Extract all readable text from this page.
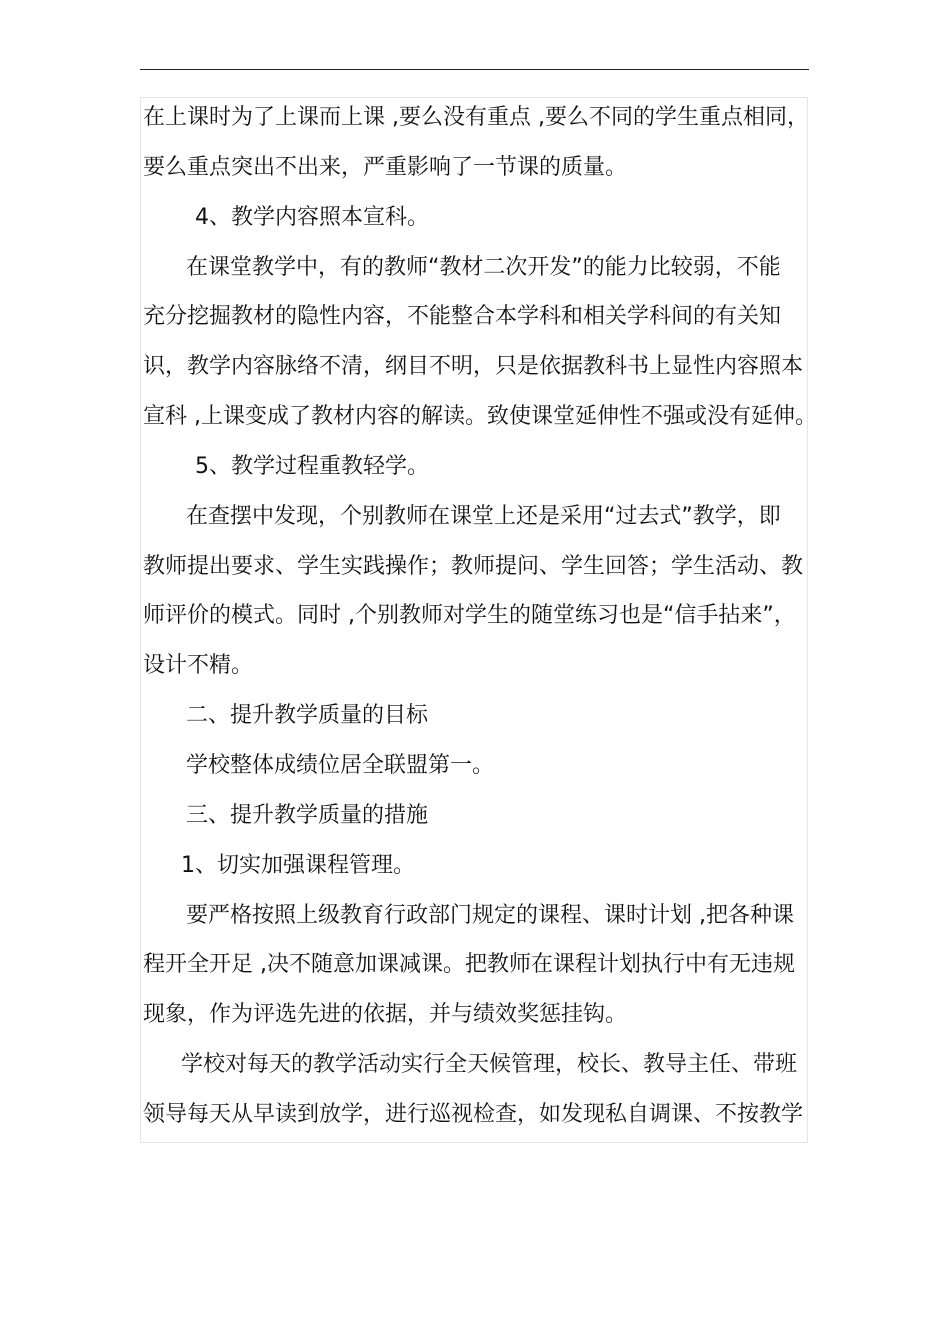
在上课时为了上课而上课 ,要么没有重点 ,要么不同的学生重点相同，
要么重点突出不出来，严重影响了一节课的质量。
4、教学内容照本宣科。
在课堂教学中，有的教师“教材二次开发”的能力比较弱，不能
充分挖掘教材的隐性内容，不能整合本学科和相关学科间的有关知
识，教学内容脉络不清，纲目不明，只是依据教科书上显性内容照本
宣科 ,上课变成了教材内容的解读。致使课堂延伸性不强或没有延伸。
5、教学过程重教轻学。
在查摆中发现，个别教师在课堂上还是采用“过去式”教学，即
教师提出要求、学生实践操作；教师提问、学生回答；学生活动、教
师评价的模式。同时 ,个别教师对学生的随堂练习也是“信手拈来”，
设计不精。
二、提升教学质量的目标
学校整体成绩位居全联盟第一。
三、提升教学质量的措施
1、切实加强课程管理。
要严格按照上级教育行政部门规定的课程、课时计划 ,把各种课
程开全开足 ,决不随意加课减课。把教师在课程计划执行中有无违规
现象，作为评选先进的依据，并与绩效奖惩挂钩。
学校对每天的教学活动实行全天候管理，校长、教导主任、带班
领导每天从早读到放学，进行巡视检查，如发现私自调课、不按教学
